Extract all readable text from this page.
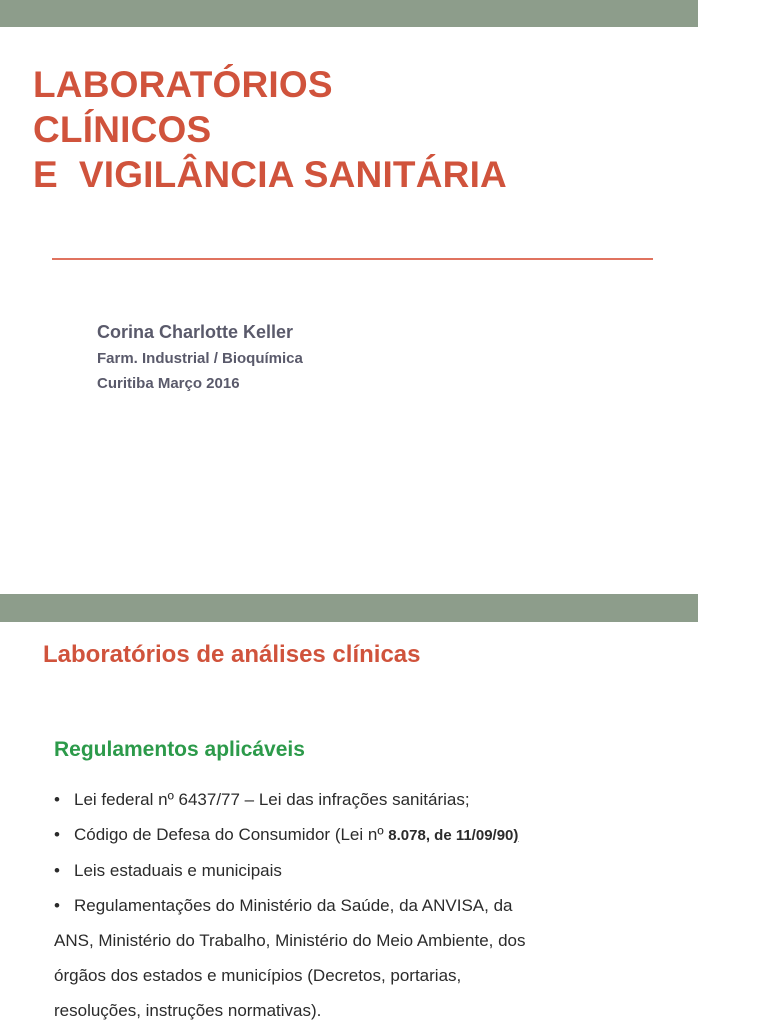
LABORATÓRIOS
CLÍNICOS
E  VIGILÂNCIA SANITÁRIA
Corina Charlotte Keller
Farm. Industrial / Bioquímica
Curitiba Março 2016
Laboratórios de análises clínicas
Regulamentos aplicáveis
• Lei federal nº 6437/77 – Lei das infrações sanitárias;
• Código de Defesa do Consumidor (Lei nº 8.078, de 11/09/90)
• Leis estaduais e municipais
• Regulamentações do Ministério da Saúde, da ANVISA, da
ANS, Ministério do Trabalho, Ministério do Meio Ambiente, dos
órgãos dos estados e municípios (Decretos, portarias,
resoluções, instruções normativas).
